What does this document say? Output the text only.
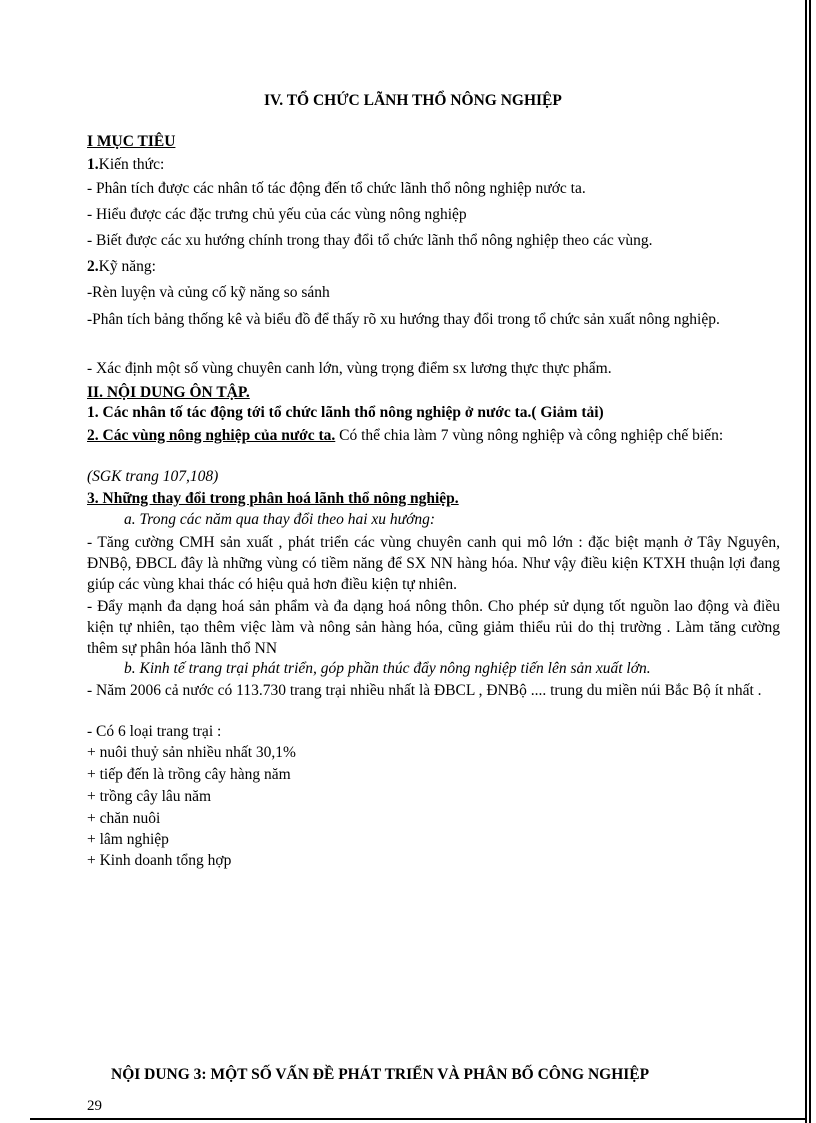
IV. TỔ CHỨC LÃNH THỔ NÔNG NGHIỆP
I MỤC TIÊU
1.Kiến thức:
- Phân tích được các nhân tố tác động đến tổ chức lãnh thổ nông nghiệp nước ta.
- Hiểu được các đặc trưng chủ yếu của các vùng nông nghiệp
- Biết được các xu hướng chính trong thay đổi tổ chức lãnh thổ nông nghiệp theo các vùng.
2.Kỹ năng:
-Rèn luyện và củng cố kỹ năng so sánh
-Phân tích bảng thống kê và biểu đồ để thấy rõ xu hướng thay đổi trong tổ chức sản xuất nông nghiệp.
- Xác định một số vùng chuyên canh lớn, vùng trọng điểm sx lương thực thực phẩm.
II. NỘI DUNG ÔN TẬP.
1. Các nhân tố tác động tới tổ chức lãnh thổ nông nghiệp ở nước ta.( Giảm tải)
2. Các vùng nông nghiệp của nước ta. Có thể chia làm 7 vùng nông nghiệp và công nghiệp chế biến:
(SGK trang 107,108)
3. Những thay đổi trong phân hoá lãnh thổ nông nghiệp.
a. Trong các năm qua thay đổi theo hai xu hướng:
- Tăng cường CMH sản xuất , phát triển các vùng chuyên canh qui mô lớn : đặc biệt mạnh ở Tây Nguyên, ĐNBộ, ĐBCL đây là những vùng có tiềm năng để SX NN hàng hóa. Như vậy điều kiện KTXH thuận lợi đang giúp các vùng khai thác có hiệu quả hơn điều kiện tự nhiên.
- Đẩy mạnh đa dạng hoá sản phẩm và đa dạng hoá nông thôn. Cho phép sử dụng tốt nguồn lao động và điều kiện tự nhiên, tạo thêm việc làm và nông sản hàng hóa, cũng giảm thiểu rủi do thị trường . Làm tăng cường thêm sự phân hóa lãnh thổ NN
b. Kinh tế trang trại phát triển, góp phần thúc đẩy nông nghiệp tiến lên sản xuất lớn.
- Năm 2006 cả nước có 113.730 trang trại nhiều nhất là ĐBCL , ĐNBộ .... trung du miền núi Bắc Bộ ít nhất .
- Có 6 loại trang trại :
+ nuôi thuỷ sản nhiều nhất 30,1%
+ tiếp đến là trồng cây hàng năm
+ trồng cây lâu năm
+ chăn nuôi
+ lâm nghiệp
+ Kinh doanh tổng hợp
NỘI DUNG 3: MỘT SỐ VẤN ĐỀ PHÁT TRIỂN VÀ PHÂN BỐ CÔNG NGHIỆP
29
